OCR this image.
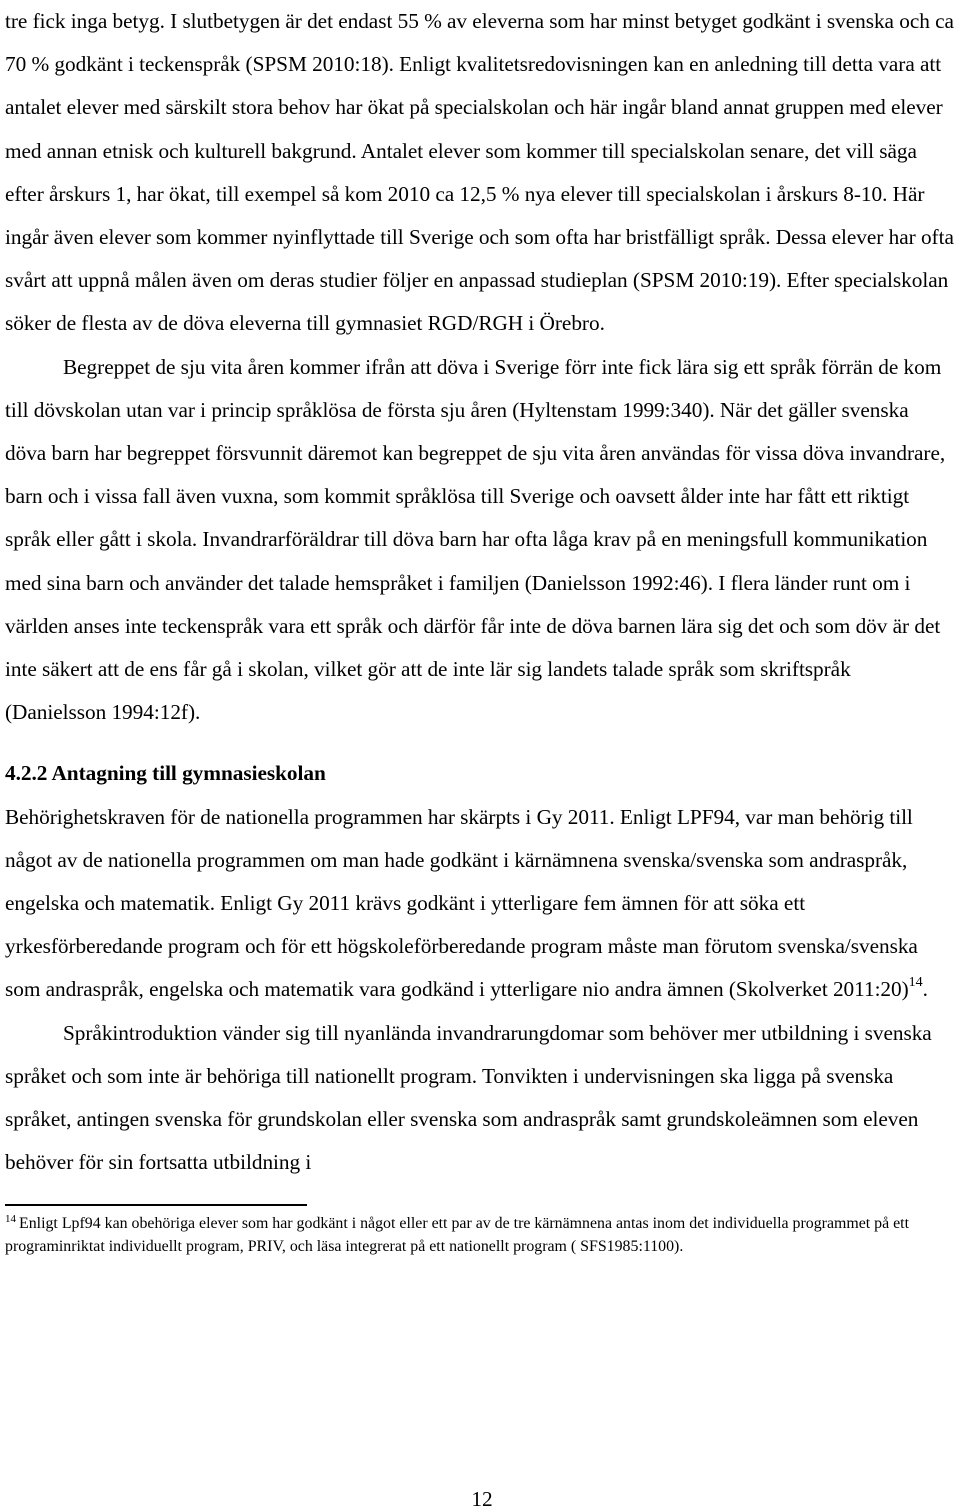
tre fick inga betyg. I slutbetygen är det endast 55 % av eleverna som har minst betyget godkänt i svenska och ca 70 % godkänt i teckenspråk (SPSM 2010:18). Enligt kvalitetsredovisningen kan en anledning till detta vara att antalet elever med särskilt stora behov har ökat på specialskolan och här ingår bland annat gruppen med elever med annan etnisk och kulturell bakgrund. Antalet elever som kommer till specialskolan senare, det vill säga efter årskurs 1, har ökat, till exempel så kom 2010 ca 12,5 % nya elever till specialskolan i årskurs 8-10. Här ingår även elever som kommer nyinflyttade till Sverige och som ofta har bristfälligt språk. Dessa elever har ofta svårt att uppnå målen även om deras studier följer en anpassad studieplan (SPSM 2010:19). Efter specialskolan söker de flesta av de döva eleverna till gymnasiet RGD/RGH i Örebro.

Begreppet de sju vita åren kommer ifrån att döva i Sverige förr inte fick lära sig ett språk förrän de kom till dövskolan utan var i princip språklösa de första sju åren (Hyltenstam 1999:340). När det gäller svenska döva barn har begreppet försvunnit däremot kan begreppet de sju vita åren användas för vissa döva invandrare, barn och i vissa fall även vuxna, som kommit språklösa till Sverige och oavsett ålder inte har fått ett riktigt språk eller gått i skola. Invandrarföräldrar till döva barn har ofta låga krav på en meningsfull kommunikation med sina barn och använder det talade hemspråket i familjen (Danielsson 1992:46). I flera länder runt om i världen anses inte teckenspråk vara ett språk och därför får inte de döva barnen lära sig det och som döv är det inte säkert att de ens får gå i skolan, vilket gör att de inte lär sig landets talade språk som skriftspråk (Danielsson 1994:12f).

4.2.2 Antagning till gymnasieskolan

Behörighetskraven för de nationella programmen har skärpts i Gy 2011. Enligt LPF94, var man behörig till något av de nationella programmen om man hade godkänt i kärnämnena svenska/svenska som andraspråk, engelska och matematik. Enligt Gy 2011 krävs godkänt i ytterligare fem ämnen för att söka ett yrkesförberedande program och för ett högskoleförberedande program måste man förutom svenska/svenska som andraspråk, engelska och matematik vara godkänd i ytterligare nio andra ämnen (Skolverket 2011:20)$^{14}$.

Språkintroduktion vänder sig till nyanlända invandrarungdomar som behöver mer utbildning i svenska språket och som inte är behöriga till nationellt program. Tonvikten i undervisningen ska ligga på svenska språket, antingen svenska för grundskolan eller svenska som andraspråk samt grundskoleämnen som eleven behöver för sin fortsatta utbildning i

$^{14}$ Enligt Lpf94 kan obehöriga elever som har godkänt i något eller ett par av de tre kärnämnena antas inom det individuella programmet på ett programinriktat individuellt program, PRIV, och läsa integrerat på ett nationellt program ( SFS1985:1100).

12
